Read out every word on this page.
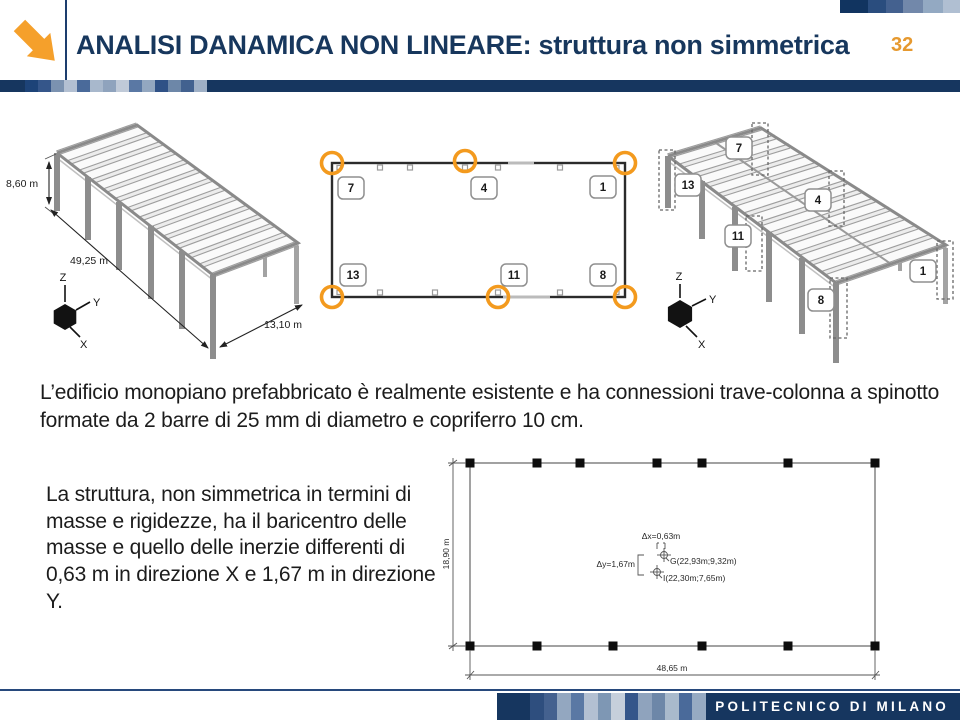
ANALISI DANAMICA NON LINEARE: struttura non simmetrica	32
8,60 m
49,25 m
13,10 m
Z
Y
X
7	4	1
13	11	8
7
13
4
11
8
1
Z
Y
X
L’edificio monopiano prefabbricato è realmente esistente e ha connessioni trave-colonna a spinotto formate da 2 barre di 25 mm di diametro e copriferro 10 cm.
La struttura, non simmetrica in termini di masse e rigidezze, ha il baricentro delle masse e quello delle inerzie differenti di 0,63 m in direzione X e 1,67 m in direzione Y.
18,90 m
48,65 m
Δx=0,63m
G(22,93m;9,32m)
Δy=1,67m
I(22,30m;7,65m)
POLITECNICO DI MILANO
